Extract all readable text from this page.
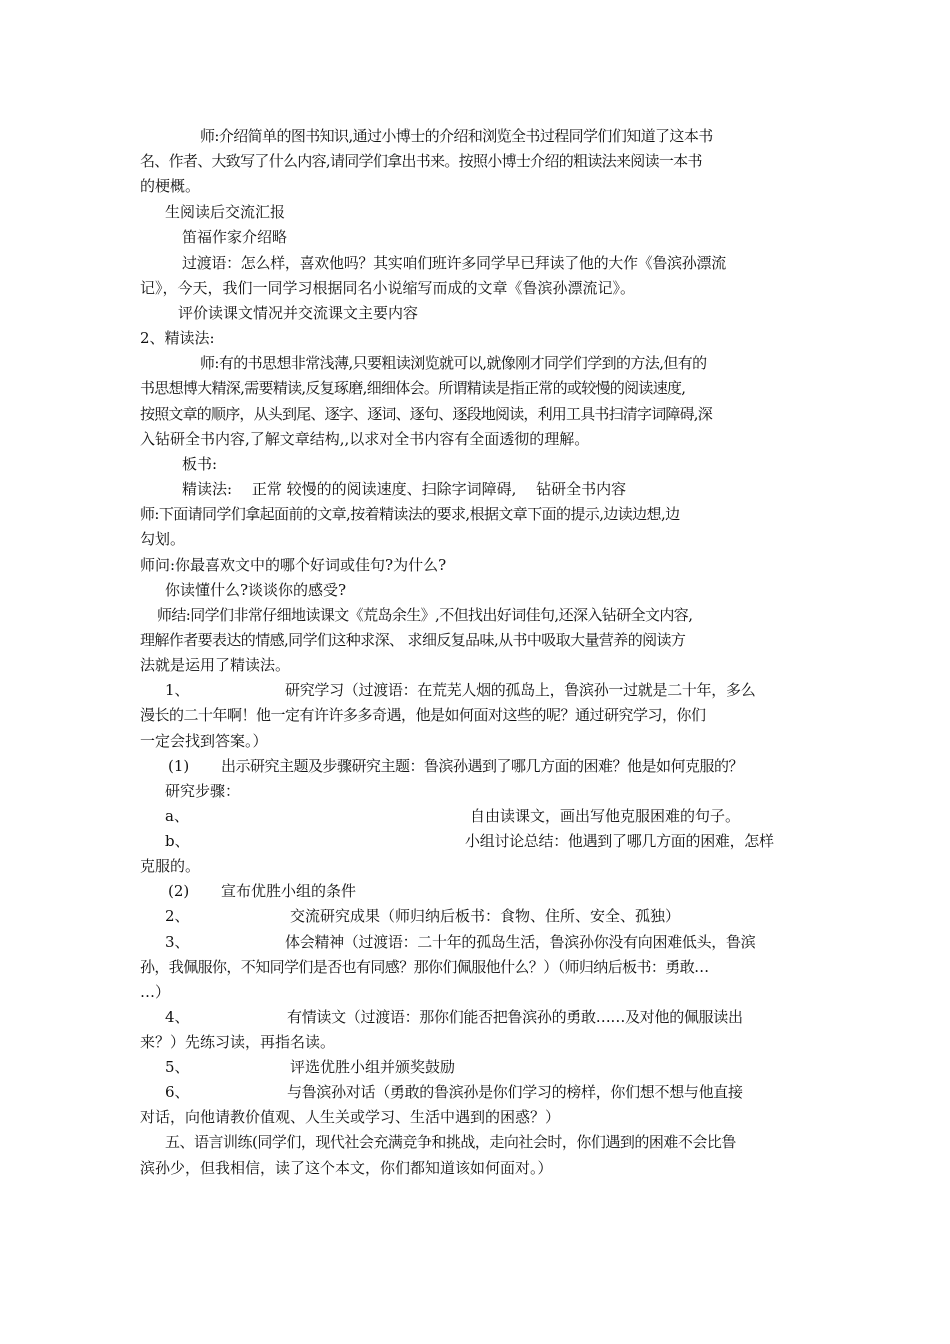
师:介绍简单的图书知识,通过小博士的介绍和浏览全书过程同学们们知道了这本书
名、作者、大致写了什么内容,请同学们拿出书来。按照小博士介绍的粗读法来阅读一本书
的梗概。
生阅读后交流汇报
笛福作家介绍略
过渡语：怎么样，喜欢他吗？其实咱们班许多同学早已拜读了他的大作《鲁滨孙漂流
记》，今天，我们一同学习根据同名小说缩写而成的文章《鲁滨孙漂流记》。
评价读课文情况并交流课文主要内容
2、精读法:
师:有的书思想非常浅薄,只要粗读浏览就可以,就像刚才同学们学到的方法,但有的
书思想博大精深,需要精读,反复琢磨,细细体会。所谓精读是指正常的或较慢的阅读速度,
按照文章的顺序，从头到尾、逐字、逐词、逐句、逐段地阅读，利用工具书扫清字词障碍,深
入钻研全书内容,了解文章结构,,以求对全书内容有全面透彻的理解。
板书:
精读法:　 正常 较慢的的阅读速度、扫除字词障碍,　 钻研全书内容
师:下面请同学们拿起面前的文章,按着精读法的要求,根据文章下面的提示,边读边想,边
勾划。
师问:你最喜欢文中的哪个好词或佳句?为什么?
你读懂什么?谈谈你的感受?
师结:同学们非常仔细地读课文《荒岛余生》,不但找出好词佳句,还深入钻研全文内容,
理解作者要表达的情感,同学们这种求深、 求细反复品味,从书中吸取大量营养的阅读方
法就是运用了精读法。
1、	研究学习（过渡语：在荒芜人烟的孤岛上，鲁滨孙一过就是二十年，多么
漫长的二十年啊！他一定有许许多多奇遇，他是如何面对这些的呢？通过研究学习，你们
一定会找到答案。）
(1) 出示研究主题及步骤研究主题：鲁滨孙遇到了哪几方面的困难？他是如何克服的？
研究步骤：
a、	自由读课文，画出写他克服困难的句子。
b、	小组讨论总结：他遇到了哪几方面的困难，怎样
克服的。
(2) 宣布优胜小组的条件
2、	交流研究成果（师归纳后板书：食物、住所、安全、孤独）
3、	体会精神（过渡语：二十年的孤岛生活，鲁滨孙你没有向困难低头，鲁滨
孙，我佩服你，不知同学们是否也有同感？那你们佩服他什么？）（师归纳后板书：勇敢…
…）
4、	有情读文（过渡语：那你们能否把鲁滨孙的勇敢……及对他的佩服读出
来？）先练习读，再指名读。
5、	评选优胜小组并颁奖鼓励
6、	与鲁滨孙对话（勇敢的鲁滨孙是你们学习的榜样，你们想不想与他直接
对话，向他请教价值观、人生关或学习、生活中遇到的困惑？）
五、语言训练(同学们，现代社会充满竞争和挑战，走向社会时，你们遇到的困难不会比鲁
滨孙少，但我相信，读了这个本文，你们都知道该如何面对。）
